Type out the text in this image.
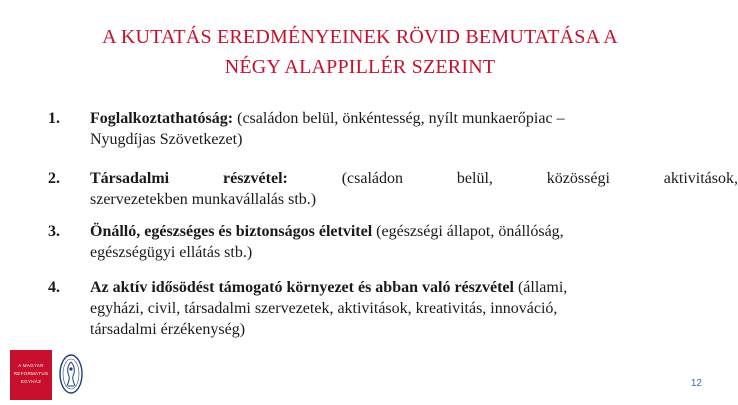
A KUTATÁS EREDMÉNYEINEK RÖVID BEMUTATÁSA A
NÉGY ALAPPILLÉR SZERINT
1.	Foglalkoztathatóság: (családon belül, önkéntesség, nyílt munkaerőpiac –
Nyugdíjas Szövetkezet)
2.	Társadalmi	részvétel:	(családon	belül,	közösségi	aktivitások,
szervezetekben munkavállalás stb.)
3.	Önálló, egészséges és biztonságos életvitel (egészségi állapot, önállóság,
egészségügyi ellátás stb.)
4.	Az aktív idősödést támogató környezet és abban való részvétel (állami,
egyházi, civil, társadalmi szervezetek, aktivitások, kreativitás, innováció,
társadalmi érzékenység)
A MAGYAR
REFORMÁTUS
EGYHÁZ	12
